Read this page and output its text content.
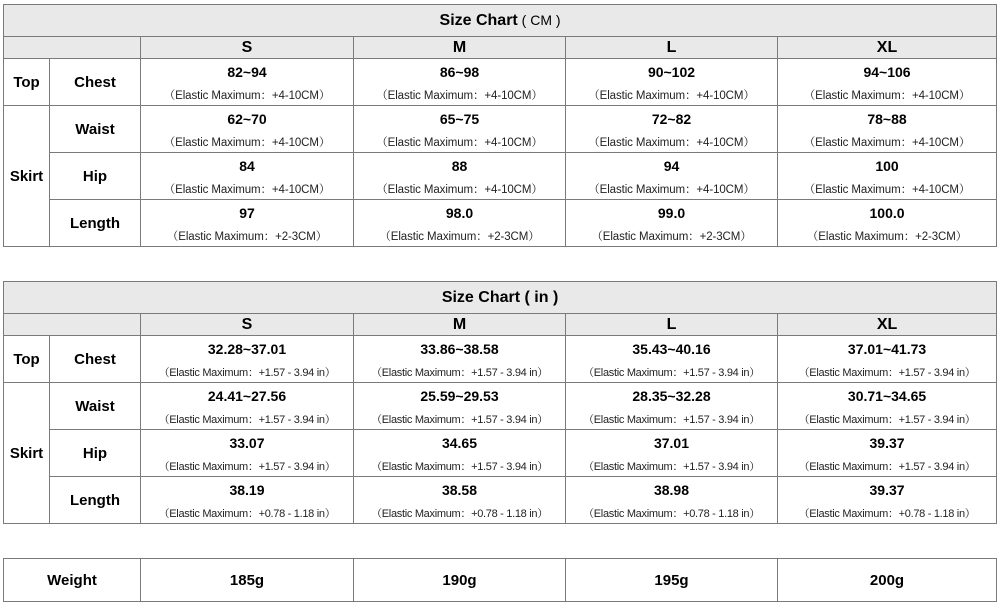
Size Chart ( CM )					
		S	M	L	XL
Top	Chest	82~94	86~98	90~102	94~106
		（Elastic Maximum：+4-10CM）	（Elastic Maximum：+4-10CM）	（Elastic Maximum：+4-10CM）	（Elastic Maximum：+4-10CM）
Skirt	Waist	62~70	65~75	72~82	78~88
		（Elastic Maximum：+4-10CM）	（Elastic Maximum：+4-10CM）	（Elastic Maximum：+4-10CM）	（Elastic Maximum：+4-10CM）
	Hip	84	88	94	100
		（Elastic Maximum：+4-10CM）	（Elastic Maximum：+4-10CM）	（Elastic Maximum：+4-10CM）	（Elastic Maximum：+4-10CM）
	Length	97	98.0	99.0	100.0
		（Elastic Maximum：+2-3CM）	（Elastic Maximum：+2-3CM）	（Elastic Maximum：+2-3CM）	（Elastic Maximum：+2-3CM）
Size Chart ( in )					
		S	M	L	XL
Top	Chest	32.28~37.01	33.86~38.58	35.43~40.16	37.01~41.73
		（Elastic Maximum：+1.57 - 3.94 in）	（Elastic Maximum：+1.57 - 3.94 in）	（Elastic Maximum：+1.57 - 3.94 in）	（Elastic Maximum：+1.57 - 3.94 in）
Skirt	Waist	24.41~27.56	25.59~29.53	28.35~32.28	30.71~34.65
		（Elastic Maximum：+1.57 - 3.94 in）	（Elastic Maximum：+1.57 - 3.94 in）	（Elastic Maximum：+1.57 - 3.94 in）	（Elastic Maximum：+1.57 - 3.94 in）
	Hip	33.07	34.65	37.01	39.37
		（Elastic Maximum：+1.57 - 3.94 in）	（Elastic Maximum：+1.57 - 3.94 in）	（Elastic Maximum：+1.57 - 3.94 in）	（Elastic Maximum：+1.57 - 3.94 in）
	Length	38.19	38.58	38.98	39.37
		（Elastic Maximum：+0.78 - 1.18 in）	（Elastic Maximum：+0.78 - 1.18 in）	（Elastic Maximum：+0.78 - 1.18 in）	（Elastic Maximum：+0.78 - 1.18 in）
Weight	185g	190g	195g	200g
